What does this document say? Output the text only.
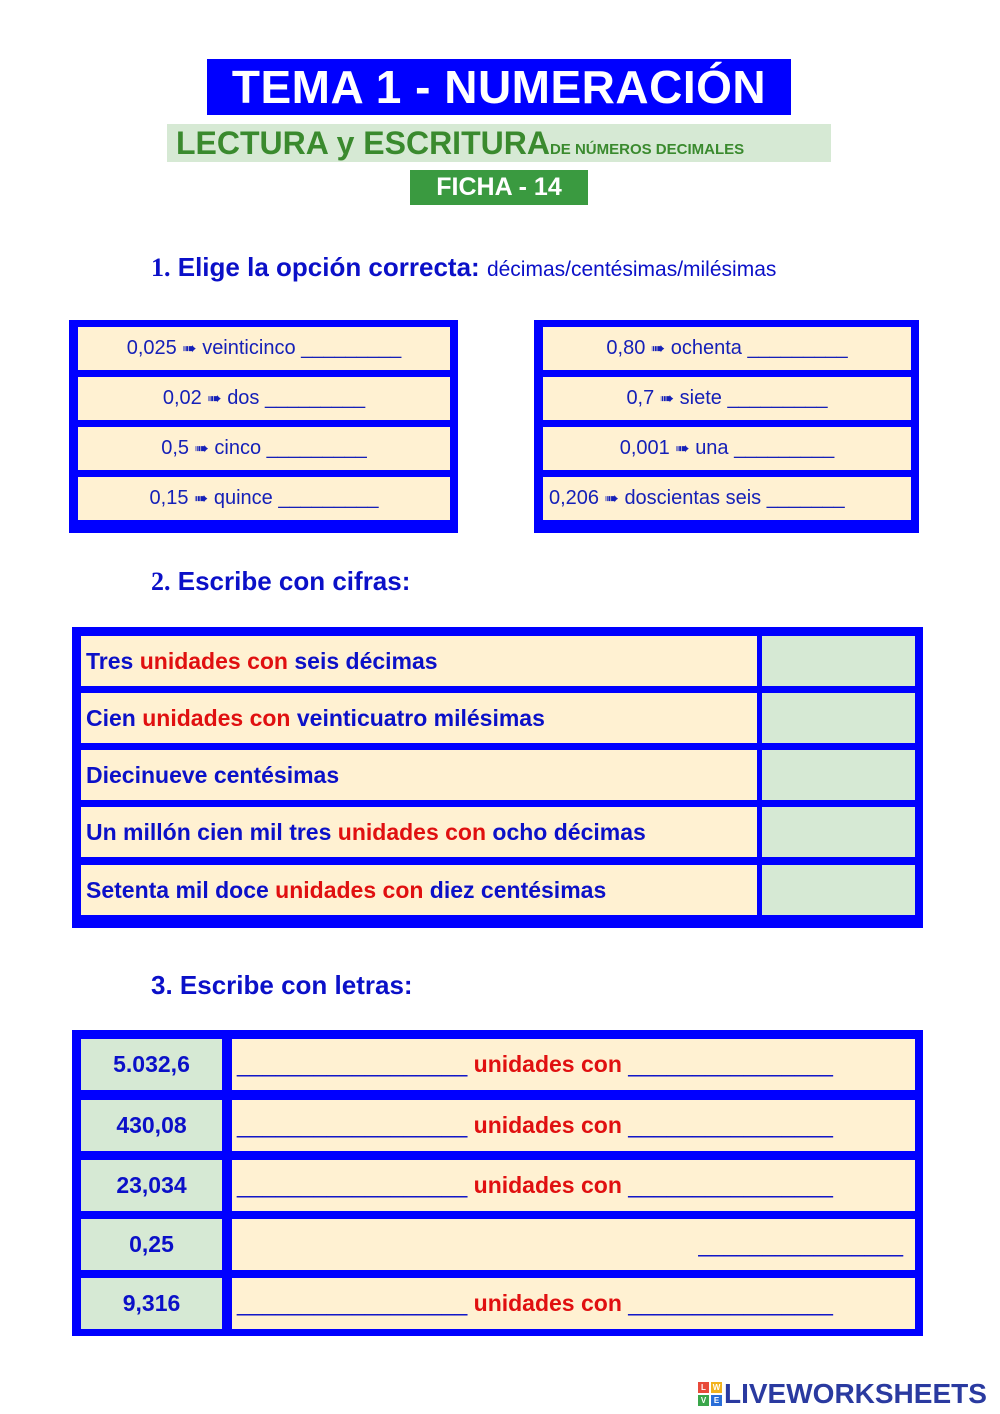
TEMA 1 - NUMERACIÓN
LECTURA y ESCRITURADE NÚMEROS DECIMALES
FICHA - 14
1. Elige la opción correcta: décimas/centésimas/milésimas
0,025 ➠ veinticinco _________
0,02 ➠ dos _________
0,5 ➠ cinco _________
0,15 ➠ quince _________
0,80 ➠ ochenta _________
0,7 ➠ siete _________
0,001 ➠ una _________
0,206 ➠ doscientas seis _______
2. Escribe con cifras:
Tres unidades con seis décimas
Cien unidades con veinticuatro milésimas
Diecinueve centésimas
Un millón cien mil tres unidades con ocho décimas
Setenta mil doce unidades con diez centésimas
3. Escribe con letras:
5.032,6	__________________ unidades con ________________
430,08	__________________ unidades con ________________
23,034	__________________ unidades con ________________
0,25	________________
9,316	__________________ unidades con ________________
L W
V E LIVEWORKSHEETS
